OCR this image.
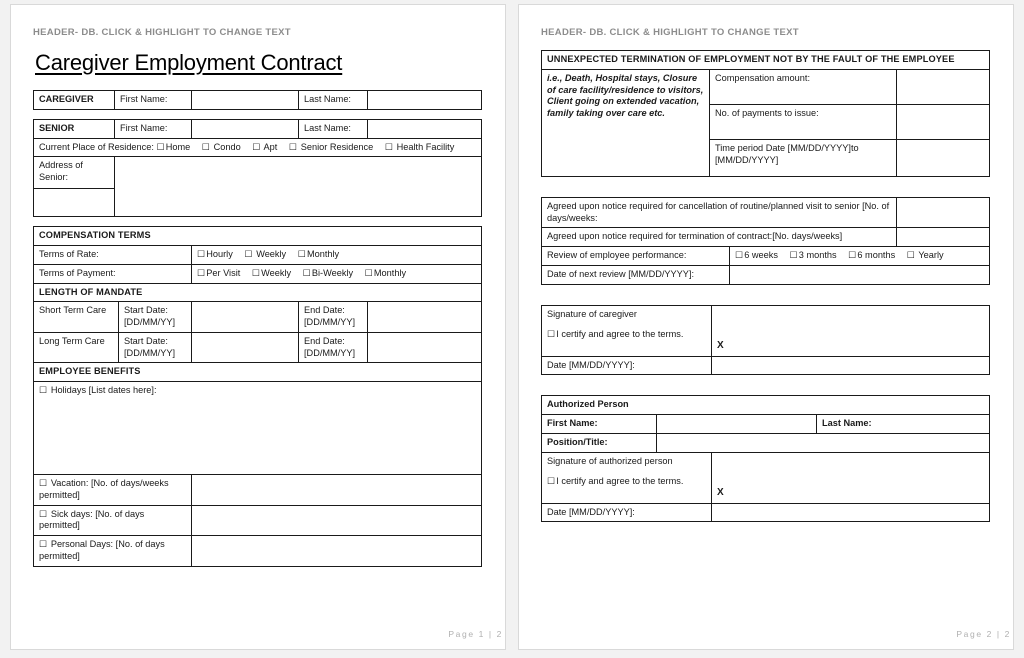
HEADER- DB. CLICK & HIGHLIGHT TO CHANGE TEXT
Caregiver Employment Contract
CAREGIVER	First Name:		Last Name:	
SENIOR	First Name:		Last Name:	
Current Place of Residence: ☐Home ☐ Condo ☐ Apt ☐ Senior Residence ☐ Health Facility				
Address of Senior:				

COMPENSATION TERMS				
Terms of Rate:		☐Hourly ☐ Weekly ☐Monthly		
Terms of Payment:		☐Per Visit ☐Weekly ☐Bi-Weekly ☐Monthly		
LENGTH OF MANDATE				
Short Term Care	Start Date:[DD/MM/YY]		End Date: [DD/MM/YY]	
Long Term Care	Start Date:[DD/MM/YY]		End Date: [DD/MM/YY]	
EMPLOYEE BENEFITS				
☐ Holidays [List dates here]:				
☐ Vacation: [No. of days/weeks permitted]				
☐ Sick days: [No. of days permitted]				
☐ Personal Days: [No. of days permitted]				
Page 1 | 2
HEADER- DB. CLICK & HIGHLIGHT TO CHANGE TEXT
UNNEXPECTED TERMINATION OF EMPLOYMENT NOT BY THE FAULT OF THE EMPLOYEE		
i.e., Death, Hospital stays, Closure of care facility/residence to visitors, Client going on extended vacation, family taking over care etc.	Compensation amount:	
	No. of payments to issue:	
	Time period Date [MM/DD/YYYY]to [MM/DD/YYYY]	
Agreed upon notice required for cancellation of routine/planned visit to senior [No. of days/weeks:		
Agreed upon notice required for termination of contract:[No. days/weeks]		
Review of employee performance:	☐6 weeks ☐3 months ☐6 months ☐ Yearly	
Date of next review [MM/DD/YYYY]:		
Signature of caregiver
☐I certify and agree to the terms.	X

Date [MM/DD/YYYY]:	
Authorized Person			
First Name:			Last Name:
Position/Title:			

Signature of authorized person
☐I certify and agree to the terms.		X	

Date [MM/DD/YYYY]:			
Page 2 | 2
